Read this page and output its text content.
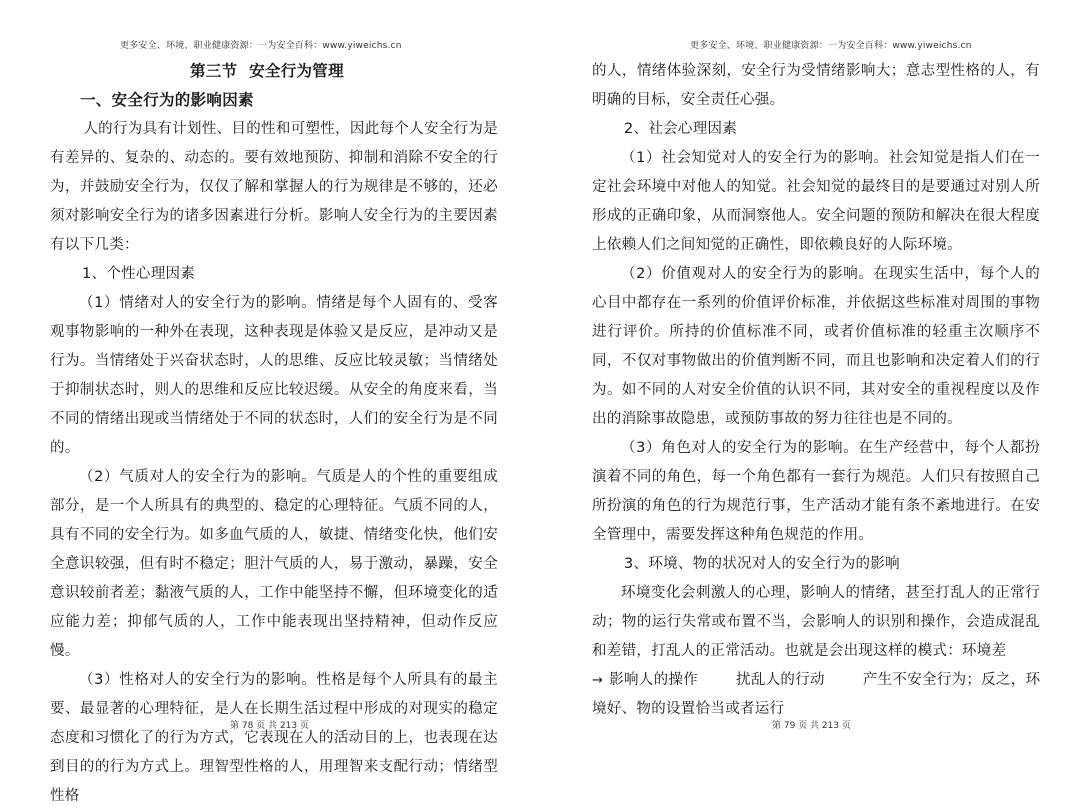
更多安全、环境、职业健康资源：一为安全百科：www.yiweichs.cn
第三节 安全行为管理
一、安全行为的影响因素

人的行为具有计划性、目的性和可塑性，因此每个人安全行为是有差异的、复杂的、动态的。要有效地预防、抑制和消除不安全的行为，并鼓励安全行为，仅仅了解和掌握人的行为规律是不够的，还必须对影响安全行为的诸多因素进行分析。影响人安全行为的主要因素有以下几类：

1、个性心理因素

（1）情绪对人的安全行为的影响。情绪是每个人固有的、受客观事物影响的一种外在表现，这种表现是体验又是反应，是冲动又是行为。当情绪处于兴奋状态时，人的思维、反应比较灵敏；当情绪处于抑制状态时，则人的思维和反应比较迟缓。从安全的角度来看，当不同的情绪出现或当情绪处于不同的状态时，人们的安全行为是不同的。

（2）气质对人的安全行为的影响。气质是人的个性的重要组成部分，是一个人所具有的典型的、稳定的心理特征。气质不同的人，具有不同的安全行为。如多血气质的人，敏捷、情绪变化快，他们安全意识较强，但有时不稳定；胆汁气质的人，易于激动，暴躁，安全意识较前者差；黏液气质的人，工作中能坚持不懈，但环境变化的适应能力差；抑郁气质的人，工作中能表现出坚持精神，但动作反应慢。

（3）性格对人的安全行为的影响。性格是每个人所具有的最主要、最显著的心理特征，是人在长期生活过程中形成的对现实的稳定态度和习惯化了的行为方式，它表现在人的活动目的上，也表现在达到目的的行为方式上。理智型性格的人，用理智来支配行动；情绪型性格

第 78 页 共 213 页
更多安全、环境、职业健康资源：一为安全百科：www.yiweichs.cn

的人，情绪体验深刻，安全行为受情绪影响大；意志型性格的人，有明确的目标，安全责任心强。

2、社会心理因素

（1）社会知觉对人的安全行为的影响。社会知觉是指人们在一定社会环境中对他人的知觉。社会知觉的最终目的是要通过对别人所形成的正确印象，从而洞察他人。安全问题的预防和解决在很大程度上依赖人们之间知觉的正确性，即依赖良好的人际环境。

（2）价值观对人的安全行为的影响。在现实生活中，每个人的心目中都存在一系列的价值评价标准，并依据这些标准对周围的事物进行评价。所持的价值标准不同，或者价值标准的轻重主次顺序不同，不仅对事物做出的价值判断不同，而且也影响和决定着人们的行为。如不同的人对安全价值的认识不同，其对安全的重视程度以及作出的消除事故隐患，或预防事故的努力往往也是不同的。

（3）角色对人的安全行为的影响。在生产经营中，每个人都扮演着不同的角色，每一个角色都有一套行为规范。人们只有按照自己所扮演的角色的行为规范行事，生产活动才能有条不紊地进行。在安全管理中，需要发挥这种角色规范的作用。

3、环境、物的状况对人的安全行为的影响

环境变化会刺激人的心理，影响人的情绪，甚至打乱人的正常行动；物的运行失常或布置不当，会影响人的识别和操作，会造成混乱和差错，打乱人的正常活动。也就是会出现这样的模式：环境差

→ 影响人的操作	扰乱人的行动	产生不安全行为；反之，环
境好、物的设置恰当或者运行
第 79 页 共 213 页
